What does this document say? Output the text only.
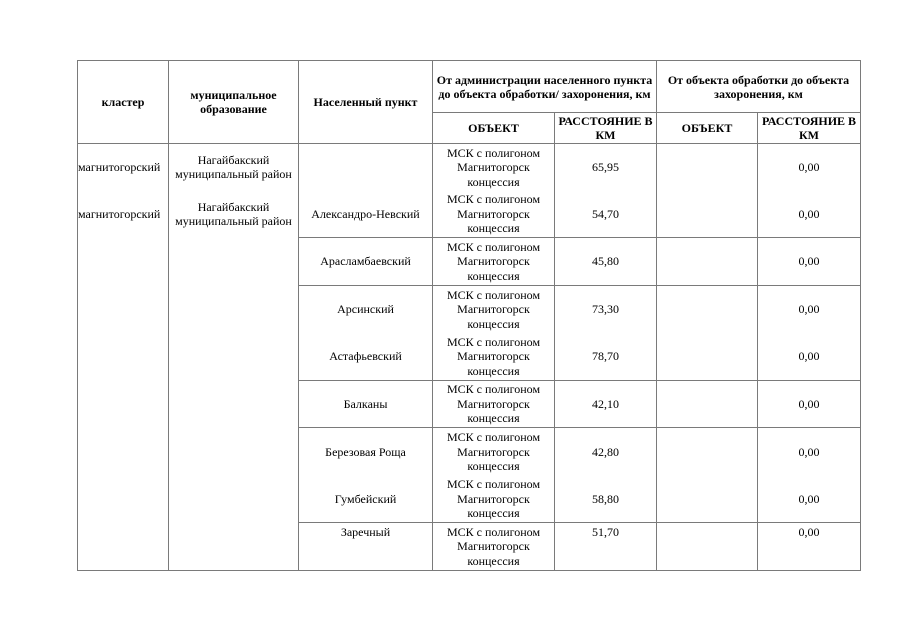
кластер	муниципальное образование	Населенный пункт	От администрации населенного пункта до объекта обработки/ захоронения, км		От объекта обработки до объекта захоронения, км	
			ОБЪЕКТ	РАССТОЯНИЕ В КМ	ОБЪЕКТ	РАССТОЯНИЕ В КМ
магнитогорский	Нагайбакский муниципальный район		МСК с полигоном Магнитогорск концессия	65,95		0,00
магнитогорский	Нагайбакский муниципальный район	Александро-Невский	МСК с полигоном Магнитогорск концессия	54,70		0,00
		Арасламбаевский	МСК с полигоном Магнитогорск концессия	45,80		0,00
		Арсинский	МСК с полигоном Магнитогорск концессия	73,30		0,00
		Астафьевский	МСК с полигоном Магнитогорск концессия	78,70		0,00
		Балканы	МСК с полигоном Магнитогорск концессия	42,10		0,00
		Березовая Роща	МСК с полигоном Магнитогорск концессия	42,80		0,00
		Гумбейский	МСК с полигоном Магнитогорск концессия	58,80		0,00
		Заречный	МСК с полигоном Магнитогорск концессия	51,70		0,00
